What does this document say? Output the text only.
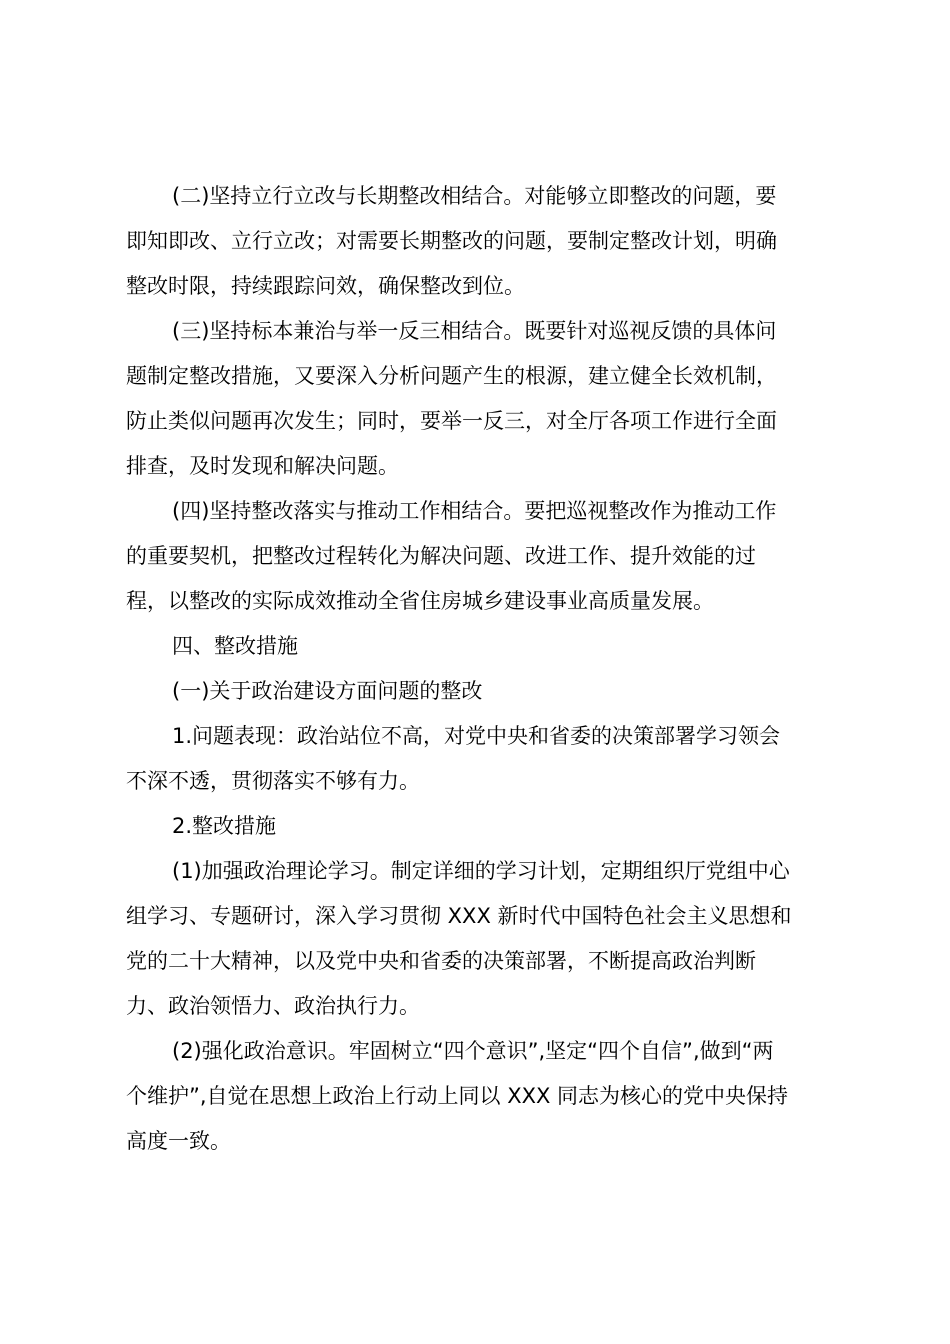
(二)坚持立行立改与长期整改相结合。对能够立即整改的问题，要

即知即改、立行立改；对需要长期整改的问题，要制定整改计划，明确

整改时限，持续跟踪问效，确保整改到位。

(三)坚持标本兼治与举一反三相结合。既要针对巡视反馈的具体问

题制定整改措施，又要深入分析问题产生的根源，建立健全长效机制，

防止类似问题再次发生；同时，要举一反三，对全厅各项工作进行全面

排查，及时发现和解决问题。

(四)坚持整改落实与推动工作相结合。要把巡视整改作为推动工作

的重要契机，把整改过程转化为解决问题、改进工作、提升效能的过

程，以整改的实际成效推动全省住房城乡建设事业高质量发展。

四、整改措施

(一)关于政治建设方面问题的整改

1.问题表现：政治站位不高，对党中央和省委的决策部署学习领会

不深不透，贯彻落实不够有力。

2.整改措施

(1)加强政治理论学习。制定详细的学习计划，定期组织厅党组中心

组学习、专题研讨，深入学习贯彻 XXX 新时代中国特色社会主义思想和

党的二十大精神，以及党中央和省委的决策部署，不断提高政治判断

力、政治领悟力、政治执行力。

(2)强化政治意识。牢固树立“四个意识”,坚定“四个自信”,做到“两

个维护”,自觉在思想上政治上行动上同以 XXX 同志为核心的党中央保持

高度一致。
